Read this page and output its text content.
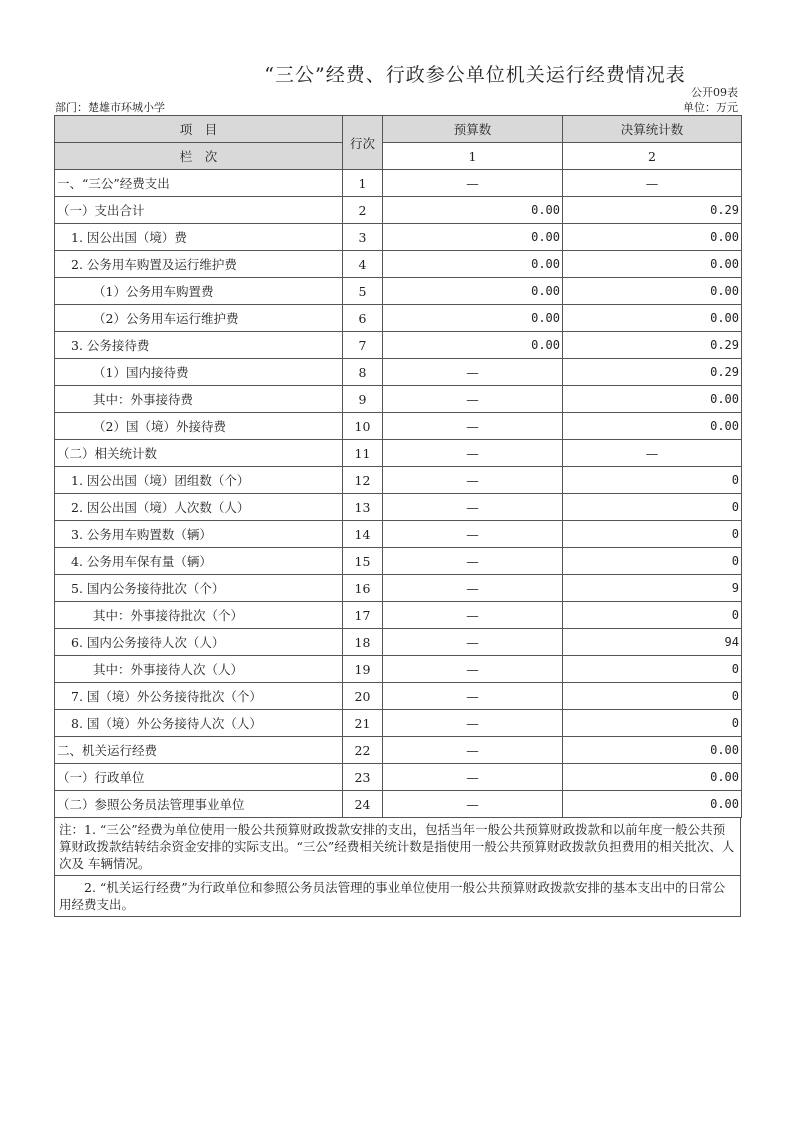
“三公”经费、行政参公单位机关运行经费情况表
公开09表
部门：楚雄市环城小学	单位：万元
项　目	行次	预算数	决算统计数
栏　次		1	2
一、“三公”经费支出	1	—	—
（一）支出合计	2	0.00	0.29
1. 因公出国（境）费	3	0.00	0.00
2. 公务用车购置及运行维护费	4	0.00	0.00
（1）公务用车购置费	5	0.00	0.00
（2）公务用车运行维护费	6	0.00	0.00
3. 公务接待费	7	0.00	0.29
（1）国内接待费	8	—	0.29
其中：外事接待费	9	—	0.00
（2）国（境）外接待费	10	—	0.00
（二）相关统计数	11	—	—
1. 因公出国（境）团组数（个）	12	—	0
2. 因公出国（境）人次数（人）	13	—	0
3. 公务用车购置数（辆）	14	—	0
4. 公务用车保有量（辆）	15	—	0
5. 国内公务接待批次（个）	16	—	9
其中：外事接待批次（个）	17	—	0
6. 国内公务接待人次（人）	18	—	94
其中：外事接待人次（人）	19	—	0
7. 国（境）外公务接待批次（个）	20	—	0
8. 国（境）外公务接待人次（人）	21	—	0
二、机关运行经费	22	—	0.00
（一）行政单位	23	—	0.00
（二）参照公务员法管理事业单位	24	—	0.00
注：1. “三公”经费为单位使用一般公共预算财政拨款安排的支出，包括当年一般公共预算财政拨款和以前年度一般公共预算财政拨款结转结余资金安排的实际支出。“三公”经费相关统计数是指使用一般公共预算财政拨款负担费用的相关批次、人次及 车辆情况。
　　2. “机关运行经费”为行政单位和参照公务员法管理的事业单位使用一般公共预算财政拨款安排的基本支出中的日常公用经费支出。
